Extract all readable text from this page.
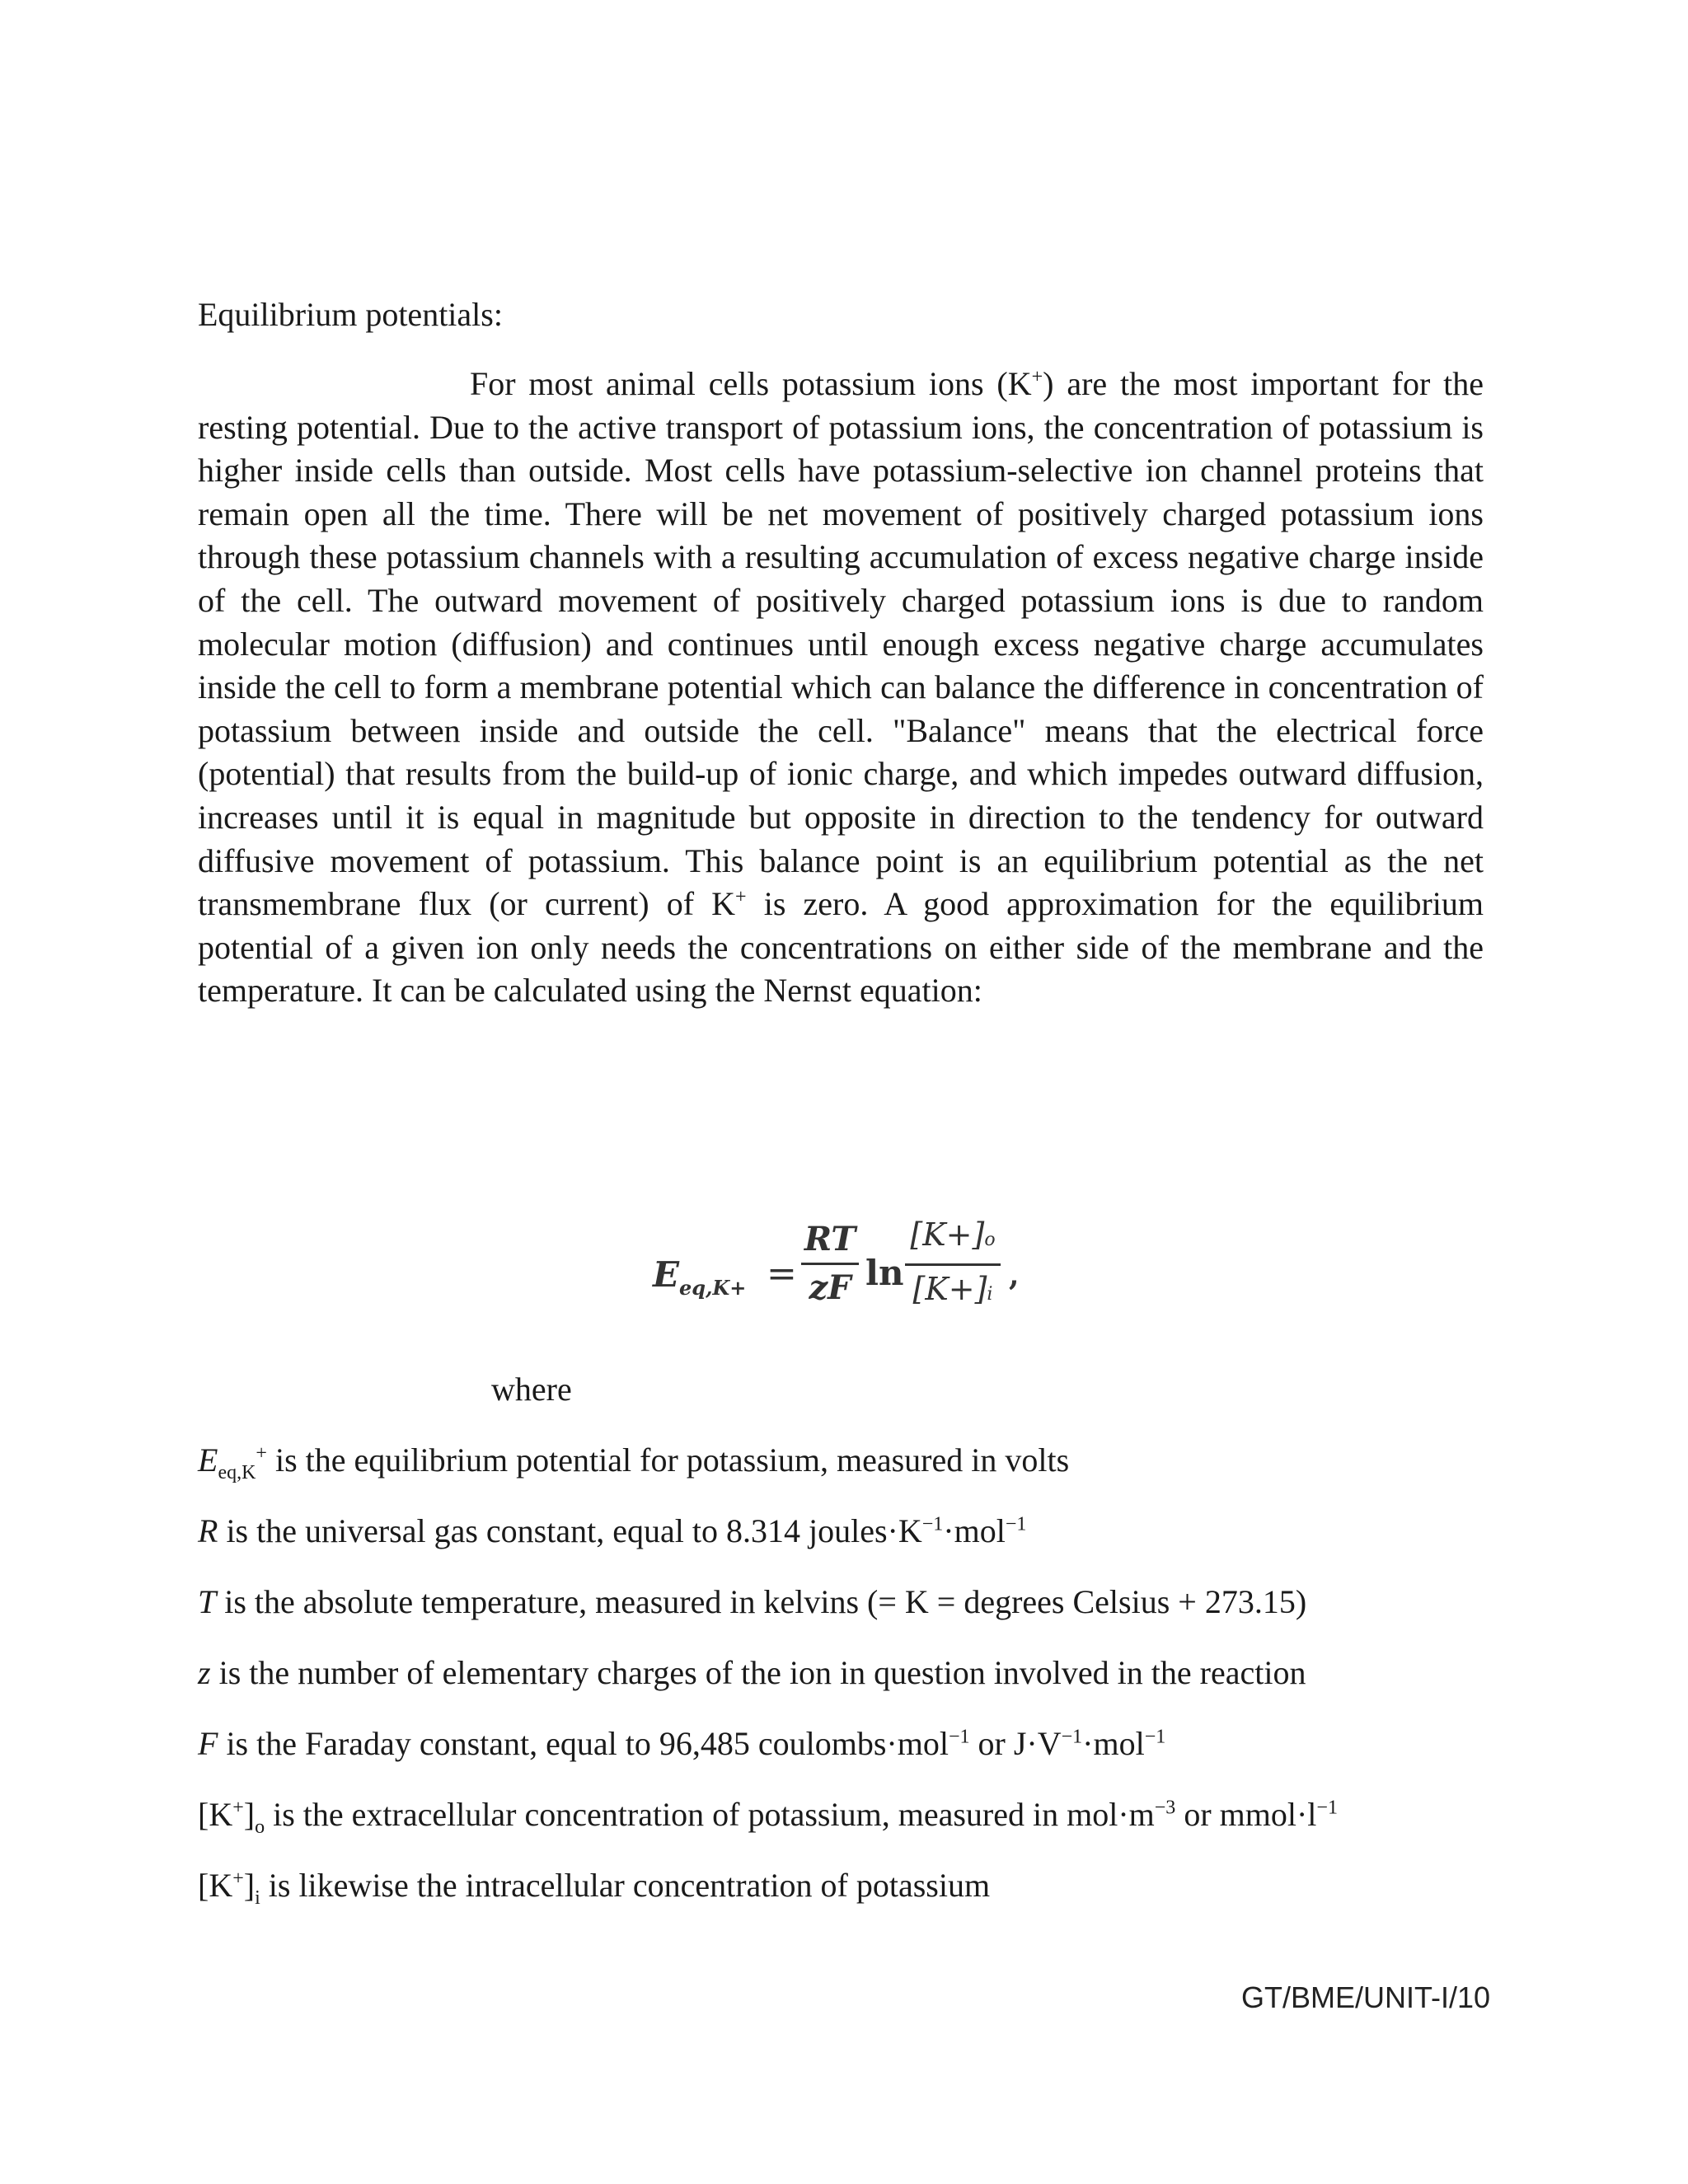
Equilibrium potentials:
For most animal cells potassium ions (K+) are the most important for the resting potential. Due to the active transport of potassium ions, the concentration of potassium is higher inside cells than outside. Most cells have potassium-selective ion channel proteins that remain open all the time. There will be net movement of positively charged potassium ions through these potassium channels with a resulting accumulation of excess negative charge inside of the cell. The outward movement of positively charged potassium ions is due to random molecular motion (diffusion) and continues until enough excess negative charge accumulates inside the cell to form a membrane potential which can balance the difference in concentration of potassium between inside and outside the cell. "Balance" means that the electrical force (potential) that results from the build-up of ionic charge, and which impedes outward diffusion, increases until it is equal in magnitude but opposite in direction to the tendency for outward diffusive movement of potassium. This balance point is an equilibrium potential as the net transmembrane flux (or current) of K+ is zero. A good approximation for the equilibrium potential of a given ion only needs the concentrations on either side of the membrane and the temperature. It can be calculated using the Nernst equation:
$E_{eq,K+}$ =
RT
zF ln
[K+]o
[K+]i
,
where
$E_{eq,K}^+$ is the equilibrium potential for potassium, measured in volts
R is the universal gas constant, equal to 8.314 $joules\cdot K^{-1}\cdot mol^{-1}$
T is the absolute temperature, measured in kelvins (= K = degrees Celsius + 273.15)
z is the number of elementary charges of the ion in question involved in the reaction
F is the Faraday constant, equal to 96,485 coulombs·mol$^{-1}$ or $J\cdot V^{-1}\cdot mol^{-1}$
$[K^+]_o$ is the extracellular concentration of potassium, measured in $mol\cdot m^{-3}$ or $mmol\cdot l^{-1}$
$[K^+]_i$ is likewise the intracellular concentration of potassium
GT/BME/UNIT-I/10
